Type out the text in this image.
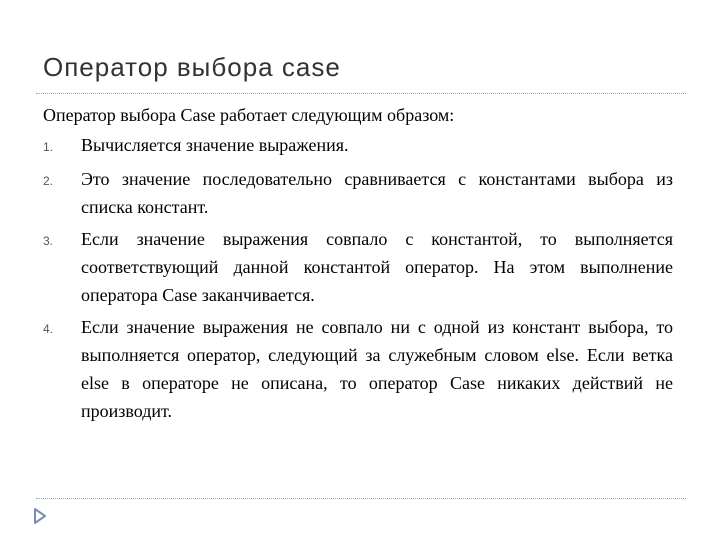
Оператор выбора case

Оператор выбора Case работает следующим образом:

1.	Вычисляется значение выражения.
2.	Это значение последовательно сравнивается с константами выбора из списка констант.
3.	Если значение выражения совпало с константой, то выполняется соответствующий данной константой оператор. На этом выполнение оператора Case заканчивается.
4.	Если значение выражения не совпало ни с одной из констант выбора, то выполняется оператор, следующий за служебным словом else. Если ветка else в операторе не описана, то оператор Case никаких действий не производит.
